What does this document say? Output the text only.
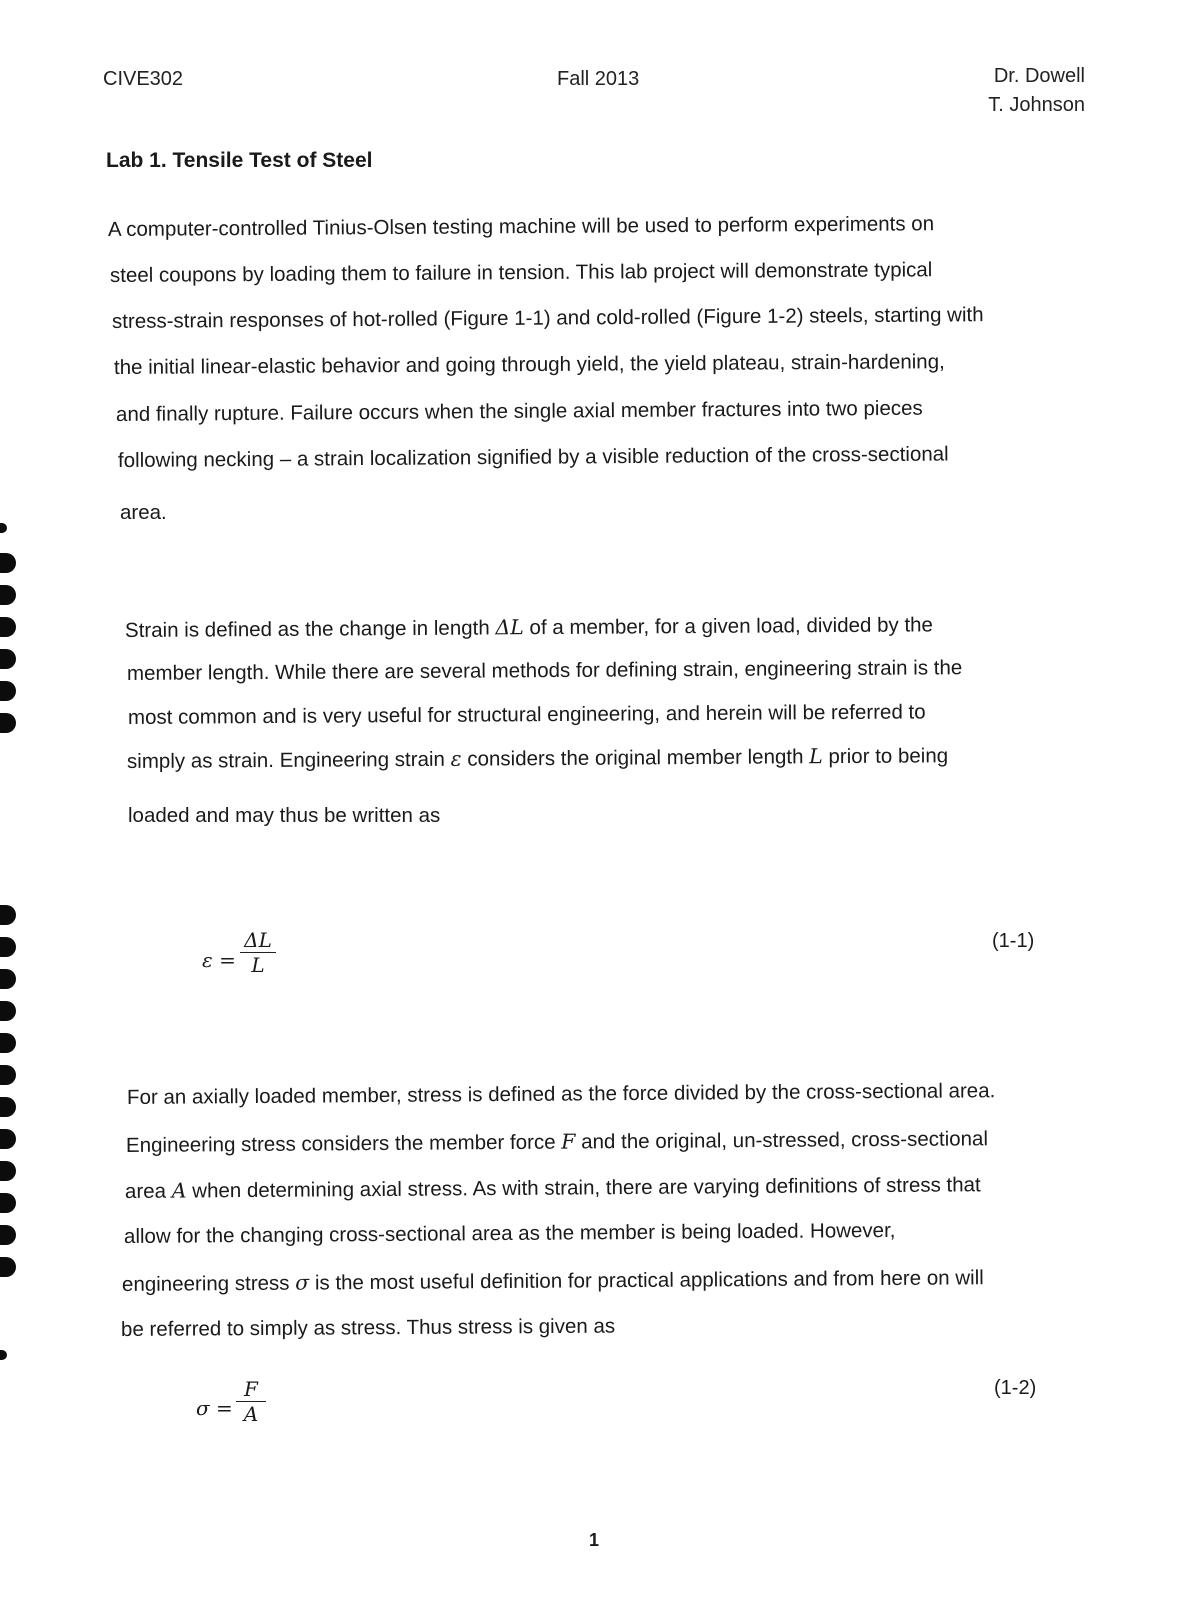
CIVE302	Fall 2013	Dr. Dowell
T. Johnson
Lab 1. Tensile Test of Steel
A computer-controlled Tinius-Olsen testing machine will be used to perform experiments on
steel coupons by loading them to failure in tension. This lab project will demonstrate typical
stress-strain responses of hot-rolled (Figure 1-1) and cold-rolled (Figure 1-2) steels, starting with
the initial linear-elastic behavior and going through yield, the yield plateau, strain-hardening,
and finally rupture. Failure occurs when the single axial member fractures into two pieces
following necking – a strain localization signified by a visible reduction of the cross-sectional
area.
Strain is defined as the change in length ΔL of a member, for a given load, divided by the
member length. While there are several methods for defining strain, engineering strain is the
most common and is very useful for structural engineering, and herein will be referred to
simply as strain. Engineering strain ε considers the original member length L prior to being
loaded and may thus be written as
ε =
ΔL
L
(1-1)
For an axially loaded member, stress is defined as the force divided by the cross-sectional area.
Engineering stress considers the member force F and the original, un-stressed, cross-sectional
area A when determining axial stress. As with strain, there are varying definitions of stress that
allow for the changing cross-sectional area as the member is being loaded. However,
engineering stress σ is the most useful definition for practical applications and from here on will
be referred to simply as stress. Thus stress is given as
σ =
F
A
(1-2)
1
